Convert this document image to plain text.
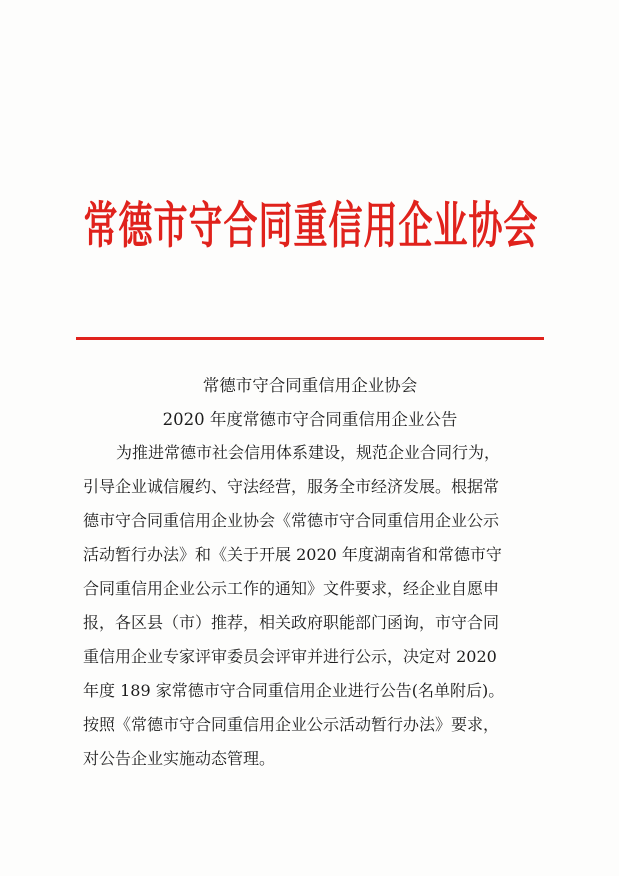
常德市守合同重信用企业协会
常德市守合同重信用企业协会
2020 年度常德市守合同重信用企业公告
为推进常德市社会信用体系建设，规范企业合同行为，
引导企业诚信履约、守法经营，服务全市经济发展。根据常
德市守合同重信用企业协会《常德市守合同重信用企业公示
活动暂行办法》和《关于开展 2020 年度湖南省和常德市守
合同重信用企业公示工作的通知》文件要求，经企业自愿申
报，各区县（市）推荐，相关政府职能部门函询，市守合同
重信用企业专家评审委员会评审并进行公示，决定对 2020
年度 189 家常德市守合同重信用企业进行公告(名单附后)。
按照《常德市守合同重信用企业公示活动暂行办法》要求，
对公告企业实施动态管理。
